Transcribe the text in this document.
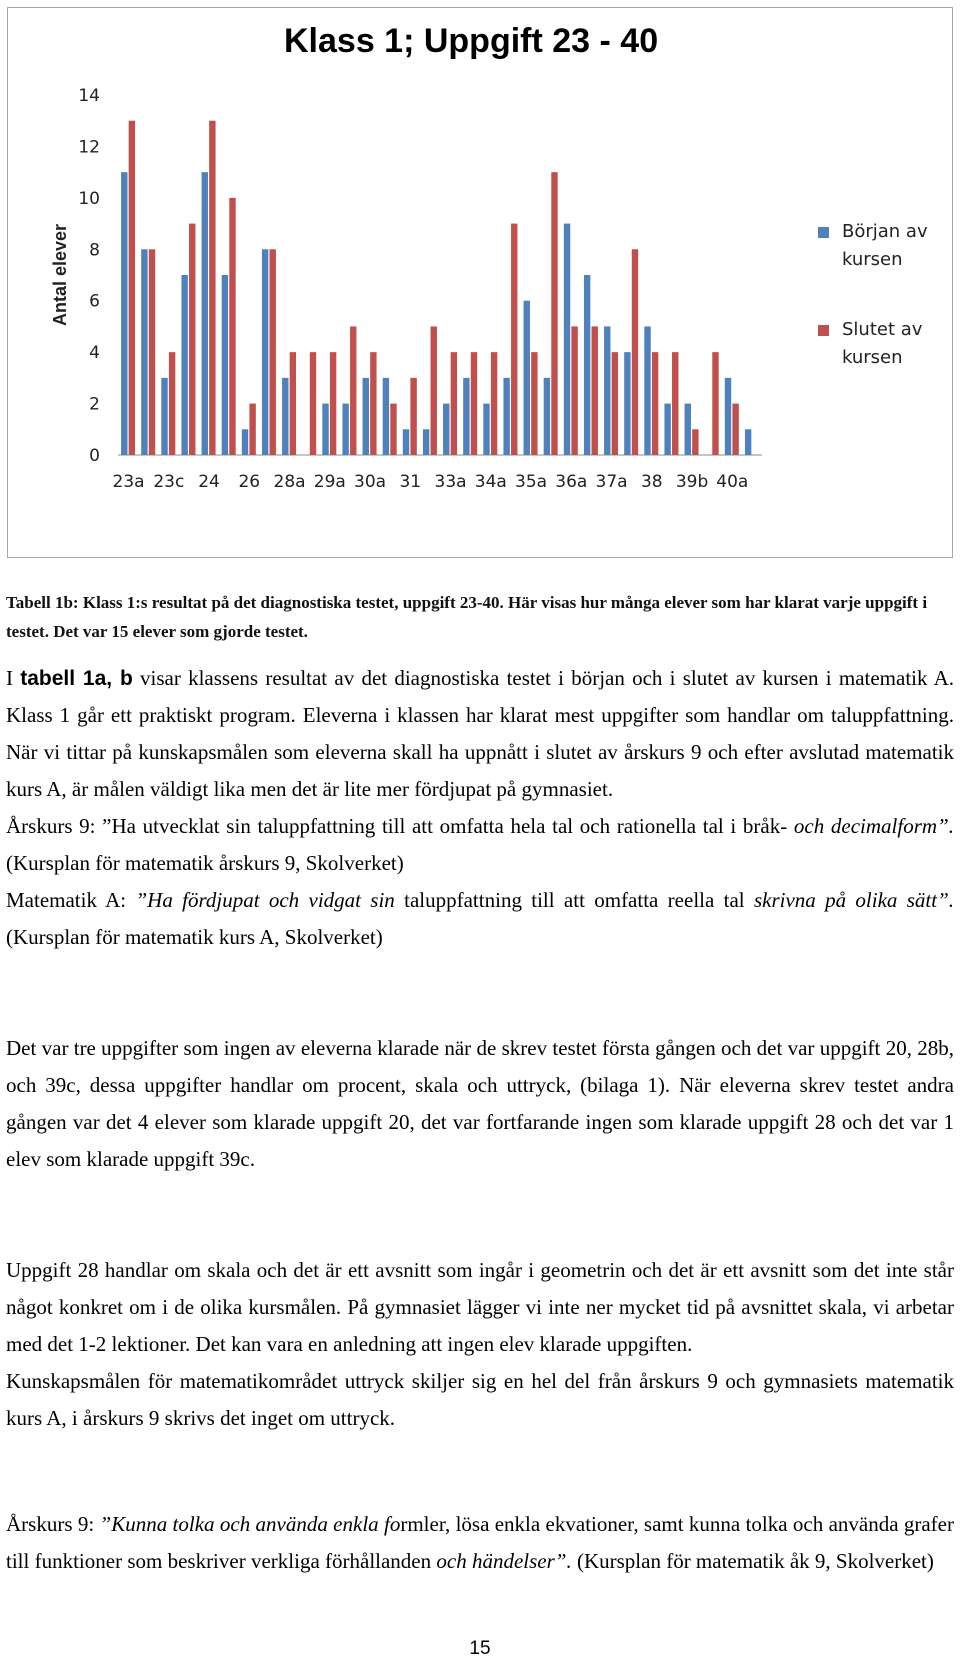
Antal elever
0
2
4
6
8
10
12
14
23a 23c 24 26 28a 29a 30a 31 33a 34a 35a 36a 37a 38 39b 40a
Klass 1; Uppgift 23 - 40
Början av kursen
Slutet av kursen
Tabell 1b: Klass 1:s resultat på det diagnostiska testet, uppgift 23-40. Här visas hur många elever som har klarat varje uppgift i testet. Det var 15 elever som gjorde testet.

I tabell 1a, b visar klassens resultat av det diagnostiska testet i början och i slutet av kursen i matematik A. Klass 1 går ett praktiskt program. Eleverna i klassen har klarat mest uppgifter som handlar om taluppfattning. När vi tittar på kunskapsmålen som eleverna skall ha uppnått i slutet av årskurs 9 och efter avslutad matematik kurs A, är målen väldigt lika men det är lite mer fördjupat på gymnasiet.

Årskurs 9: ”Ha utvecklat sin taluppfattning till att omfatta hela tal och rationella tal i bråk- och decimalform”. (Kursplan för matematik årskurs 9, Skolverket)

Matematik A: ”Ha fördjupat och vidgat sin taluppfattning till att omfatta reella tal skrivna på olika sätt”. (Kursplan för matematik kurs A, Skolverket)

Det var tre uppgifter som ingen av eleverna klarade när de skrev testet första gången och det var uppgift 20, 28b, och 39c, dessa uppgifter handlar om procent, skala och uttryck, (bilaga 1). När eleverna skrev testet andra gången var det 4 elever som klarade uppgift 20, det var fortfarande ingen som klarade uppgift 28 och det var 1 elev som klarade uppgift 39c.

Uppgift 28 handlar om skala och det är ett avsnitt som ingår i geometrin och det är ett avsnitt som det inte står något konkret om i de olika kursmålen. På gymnasiet lägger vi inte ner mycket tid på avsnittet skala, vi arbetar med det 1-2 lektioner. Det kan vara en anledning att ingen elev klarade uppgiften.

Kunskapsmålen för matematikområdet uttryck skiljer sig en hel del från årskurs 9 och gymnasiets matematik kurs A, i årskurs 9 skrivs det inget om uttryck.

Årskurs 9: ”Kunna tolka och använda enkla formler, lösa enkla ekvationer, samt kunna tolka och använda grafer till funktioner som beskriver verkliga förhållanden och händelser”. (Kursplan för matematik åk 9, Skolverket)

15
